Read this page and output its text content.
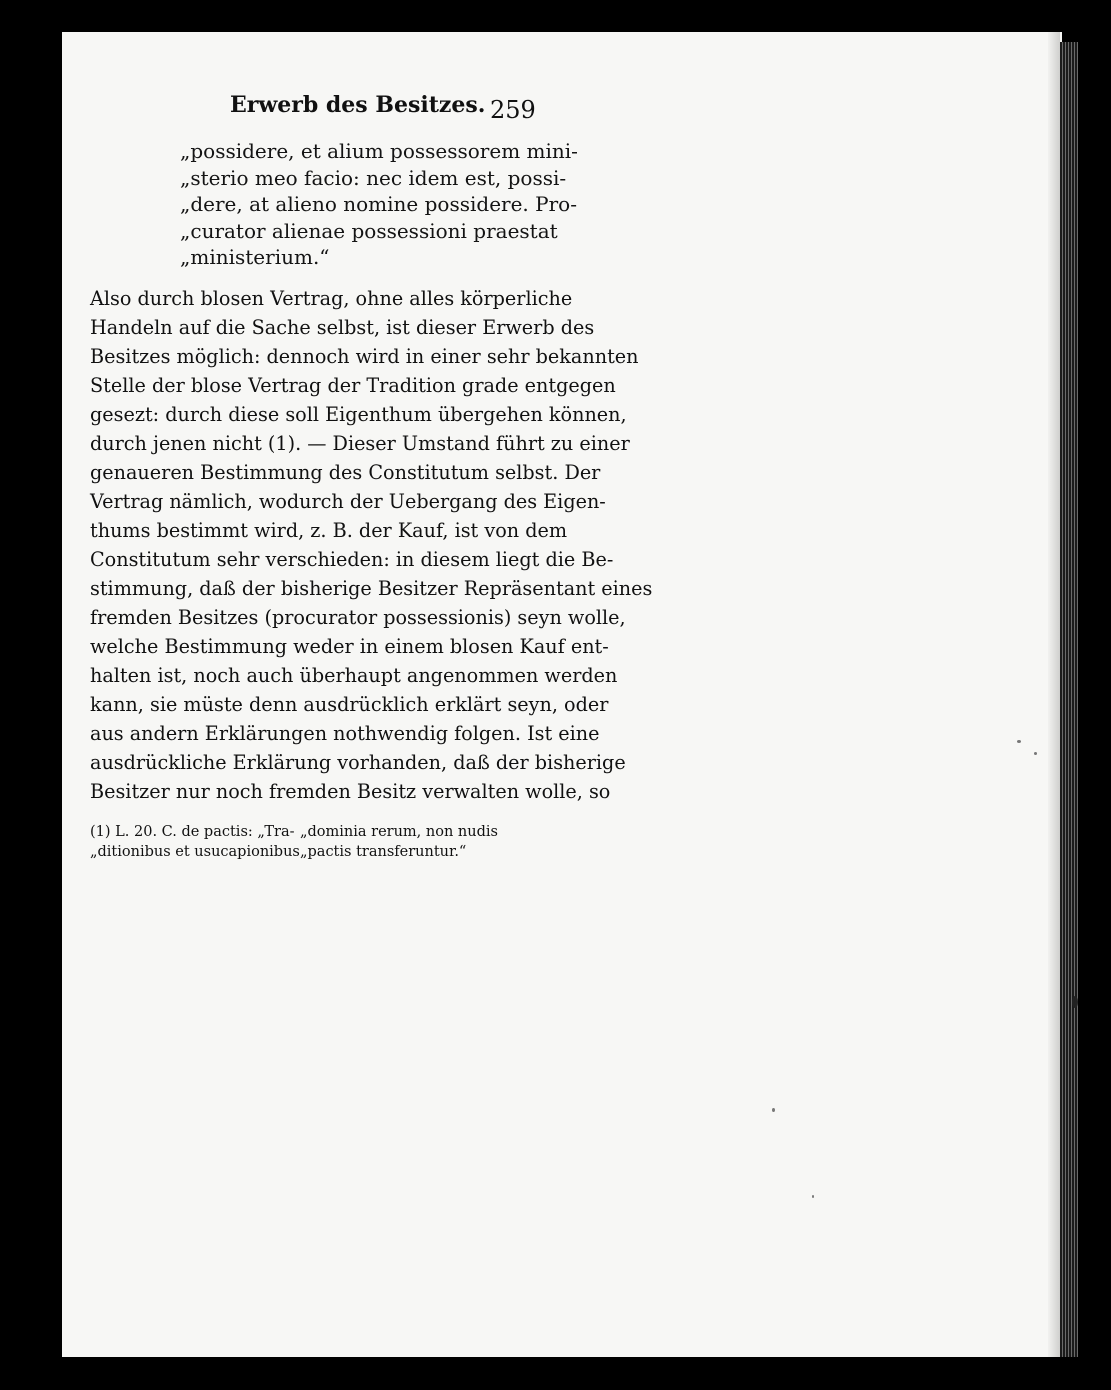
Erwerb des Besitzes. 259
„possidere, et alium possessorem mini-
„sterio meo facio: nec idem est, possi-
„dere, at alieno nomine possidere. Pro-
„curator alienae possessioni praestat
„ministerium.“
Also durch blosen Vertrag, ohne alles körperliche
Handeln auf die Sache selbst, ist dieser Erwerb des
Besitzes möglich: dennoch wird in einer sehr bekannten
Stelle der blose Vertrag der Tradition grade entgegen
gesezt: durch diese soll Eigenthum übergehen können,
durch jenen nicht (1). — Dieser Umstand führt zu einer
genaueren Bestimmung des Constitutum selbst. Der
Vertrag nämlich, wodurch der Uebergang des Eigen-
thums bestimmt wird, z. B. der Kauf, ist von dem
Constitutum sehr verschieden: in diesem liegt die Be-
stimmung, daß der bisherige Besitzer Repräsentant eines
fremden Besitzes (procurator possessionis) seyn wolle,
welche Bestimmung weder in einem blosen Kauf ent-
halten ist, noch auch überhaupt angenommen werden
kann, sie müste denn ausdrücklich erklärt seyn, oder
aus andern Erklärungen nothwendig folgen. Ist eine
ausdrückliche Erklärung vorhanden, daß der bisherige
Besitzer nur noch fremden Besitz verwalten wolle, so
(1) L. 20. C. de pactis: „Tra-
„ditionibus et usucapionibus
„dominia rerum, non nudis
„pactis transferuntur.“
